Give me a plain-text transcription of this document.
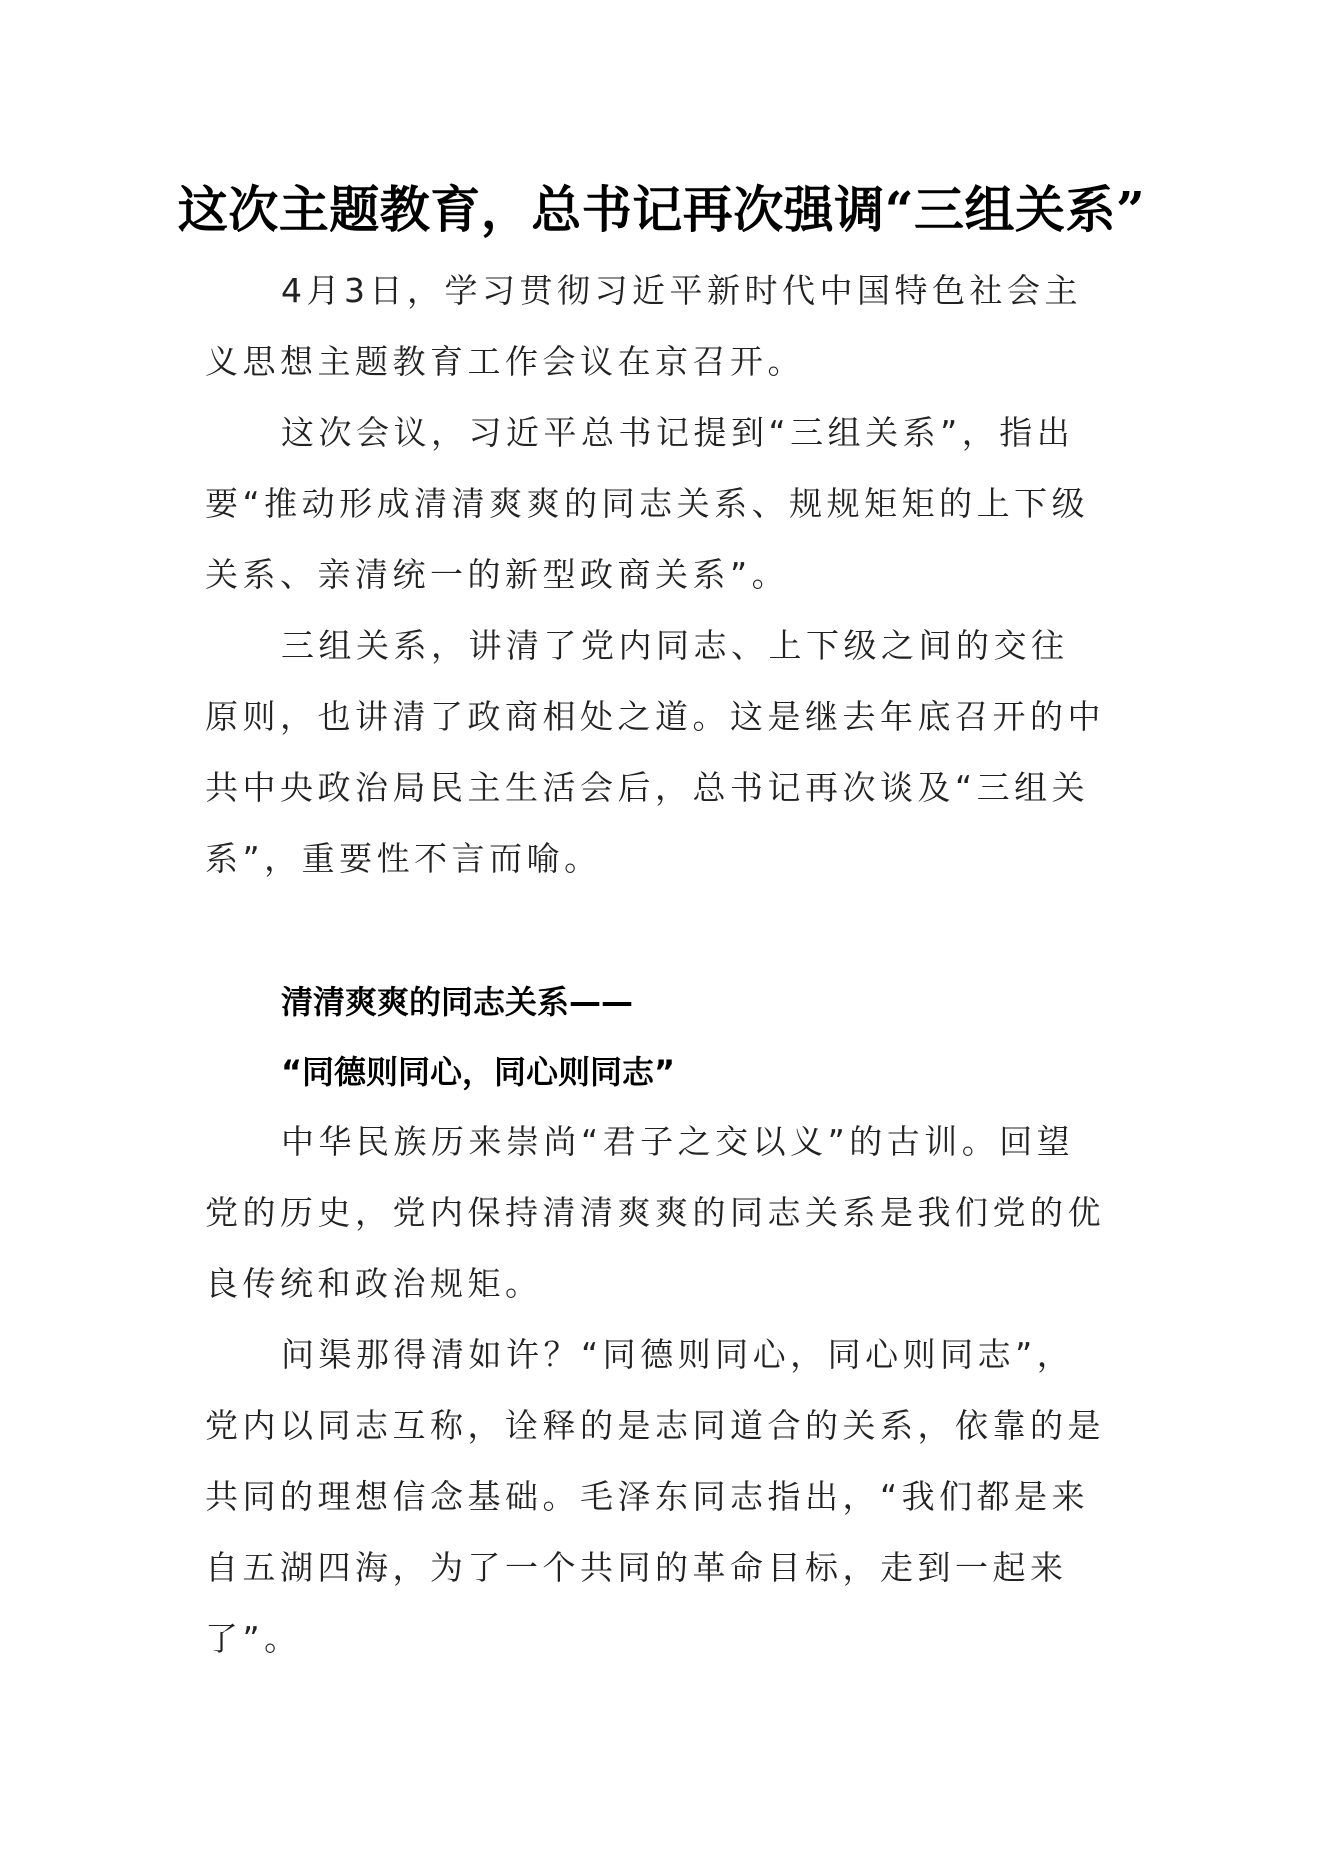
这次主题教育，总书记再次强调“三组关系”

4月3日，学习贯彻习近平新时代中国特色社会主义思想主题教育工作会议在京召开。

这次会议，习近平总书记提到“三组关系”，指出要“推动形成清清爽爽的同志关系、规规矩矩的上下级关系、亲清统一的新型政商关系”。

三组关系，讲清了党内同志、上下级之间的交往原则，也讲清了政商相处之道。这是继去年底召开的中共中央政治局民主生活会后，总书记再次谈及“三组关系”，重要性不言而喻。

清清爽爽的同志关系——
“同德则同心，同心则同志”

中华民族历来崇尚“君子之交以义”的古训。回望党的历史，党内保持清清爽爽的同志关系是我们党的优良传统和政治规矩。

问渠那得清如许？“同德则同心，同心则同志”，党内以同志互称，诠释的是志同道合的关系，依靠的是共同的理想信念基础。毛泽东同志指出，“我们都是来自五湖四海，为了一个共同的革命目标，走到一起来了”。
